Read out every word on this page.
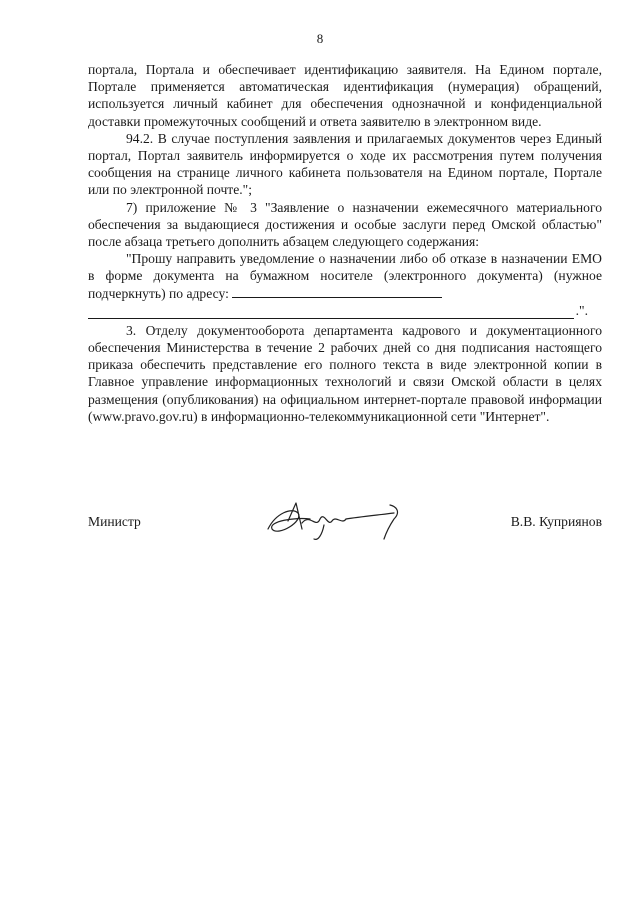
8

портала, Портала и обеспечивает идентификацию заявителя. На Едином портале, Портале применяется автоматическая идентификация (нумерация) обращений, используется личный кабинет для обеспечения однозначной и конфиденциальной доставки промежуточных сообщений и ответа заявителю в электронном виде.

94.2. В случае поступления заявления и прилагаемых документов через Единый портал, Портал заявитель информируется о ходе их рассмотрения путем получения сообщения на странице личного кабинета пользователя на Едином портале, Портале или по электронной почте.";

7) приложение № 3 "Заявление о назначении ежемесячного материального обеспечения за выдающиеся достижения и особые заслуги перед Омской областью" после абзаца третьего дополнить абзацем следующего содержания:

"Прошу направить уведомление о назначении либо об отказе в назначении ЕМО в форме документа на бумажном носителе (электронного документа) (нужное подчеркнуть) по адресу:

.".

3. Отделу документооборота департамента кадрового и документационного обеспечения Министерства в течение 2 рабочих дней со дня подписания настоящего приказа обеспечить представление его полного текста в виде электронной копии в Главное управление информационных технологий и связи Омской области в целях размещения (опубликования) на официальном интернет-портале правовой информации (www.pravo.gov.ru) в информационно-телекоммуникационной сети "Интернет".

Министр	В.В. Куприянов
